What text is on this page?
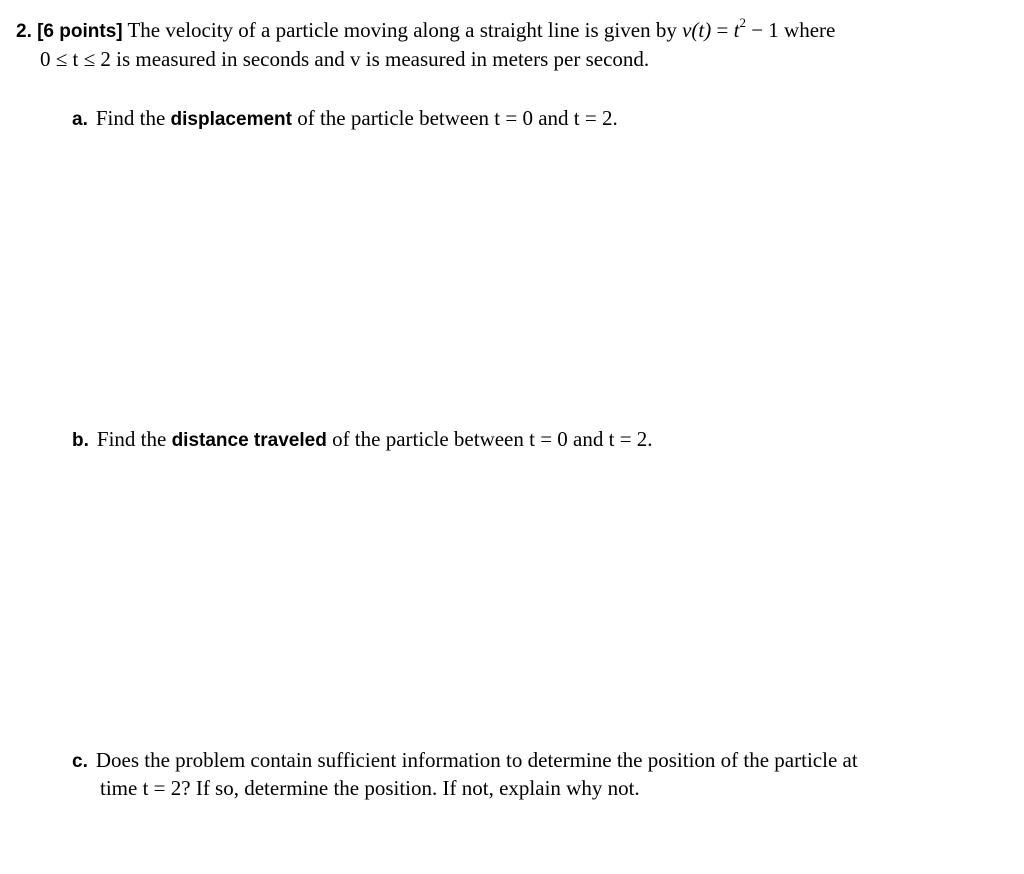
2. [6 points] The velocity of a particle moving along a straight line is given by $v(t) = t^2 - 1$ where
0 ≤ t ≤ 2 is measured in seconds and v is measured in meters per second.
a. Find the displacement of the particle between t = 0 and t = 2.
b. Find the distance traveled of the particle between t = 0 and t = 2.
c. Does the problem contain sufficient information to determine the position of the particle at
time t = 2? If so, determine the position. If not, explain why not.
